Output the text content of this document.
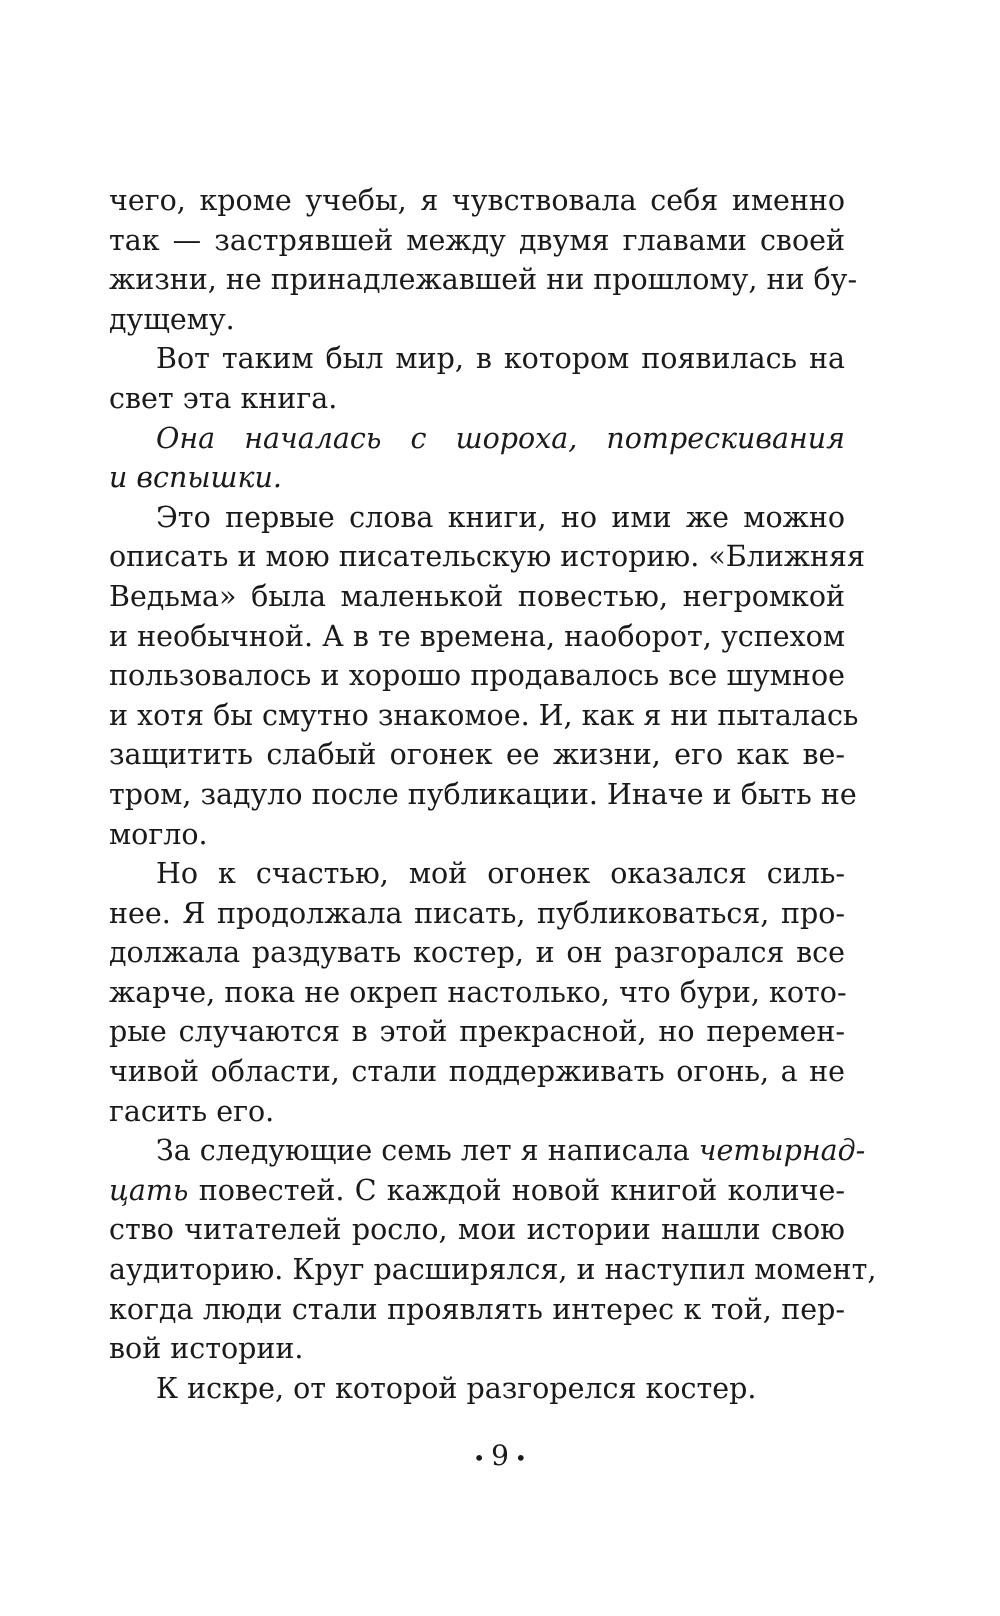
чего, кроме учебы, я чувствовала себя именно
так — застрявшей между двумя главами своей
жизни, не принадлежавшей ни прошлому, ни бу-
дущему.
Вот таким был мир, в котором появилась на
свет эта книга.
Она началась с шороха, потрескивания
и вспышки.
Это первые слова книги, но ими же можно
описать и мою писательскую историю. «Ближняя
Ведьма» была маленькой повестью, негромкой
и необычной. А в те времена, наоборот, успехом
пользовалось и хорошо продавалось все шумное
и хотя бы смутно знакомое. И, как я ни пыталась
защитить слабый огонек ее жизни, его как ве-
тром, задуло после публикации. Иначе и быть не
могло.
Но к счастью, мой огонек оказался силь-
нее. Я продолжала писать, публиковаться, про-
должала раздувать костер, и он разгорался все
жарче, пока не окреп настолько, что бури, кото-
рые случаются в этой прекрасной, но перемен-
чивой области, стали поддерживать огонь, а не
гасить его.
За следующие семь лет я написала четырнад-
цать повестей. С каждой новой книгой количе-
ство читателей росло, мои истории нашли свою
аудиторию. Круг расширялся, и наступил момент,
когда люди стали проявлять интерес к той, пер-
вой истории.
К искре, от которой разгорелся костер.
• 9 •
